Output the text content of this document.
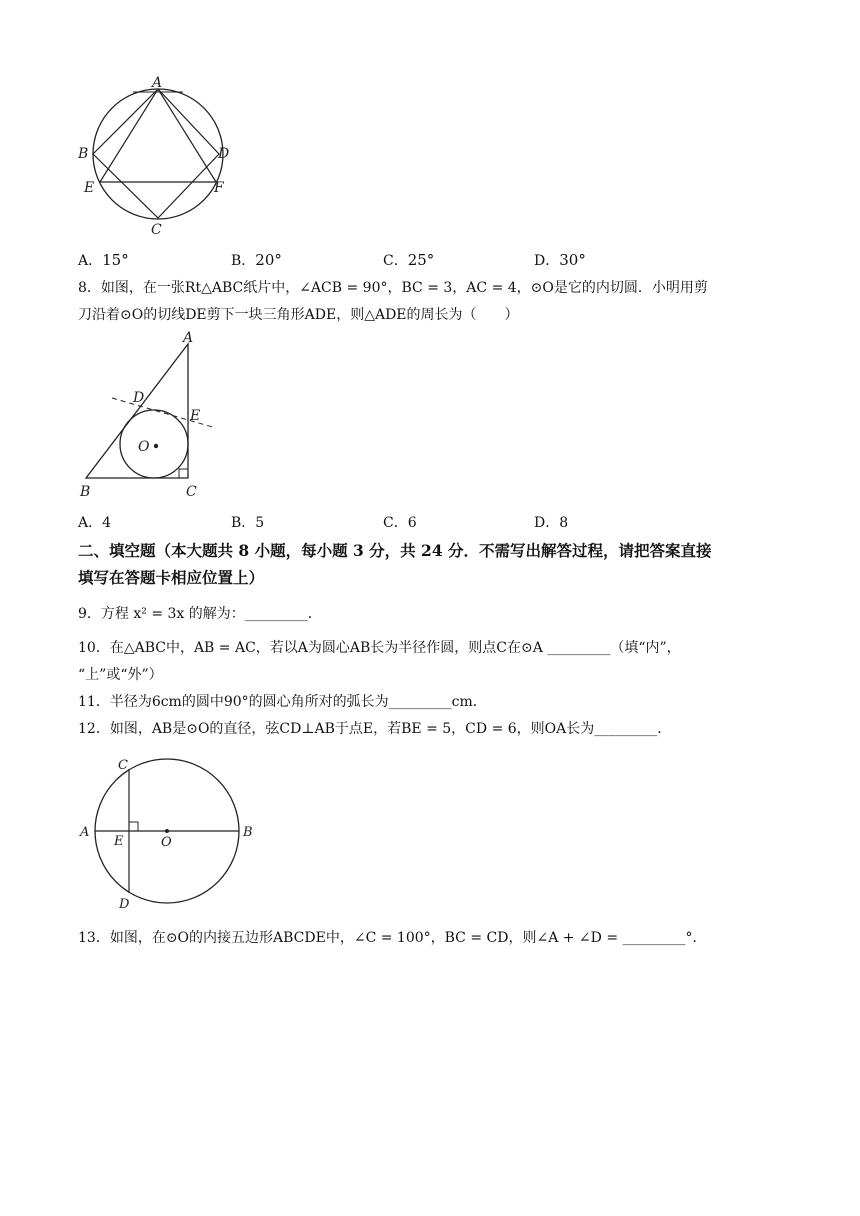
A
B	D
E	F
C
A．15°	B．20°	C．25°	D．30°
8．如图，在一张Rt△ABC纸片中，∠ACB = 90°，BC = 3，AC = 4，⊙O是它的内切圆．小明用剪
刀沿着⊙O的切线DE剪下一块三角形ADE，则△ADE的周长为（　　）
A
D
E
O
B	C
A．4	B．5	C．6	D．8
二、填空题（本大题共 8 小题，每小题 3 分，共 24 分．不需写出解答过程，请把答案直接
填写在答题卡相应位置上）
9．方程 x² = 3x 的解为：_________．
10．在△ABC中，AB = AC，若以A为圆心AB长为半径作圆，则点C在⊙A _________（填“内”，
“上”或“外”）
11．半径为6cm的圆中90°的圆心角所对的弧长为_________cm．
12．如图，AB是⊙O的直径，弦CD⊥AB于点E，若BE = 5，CD = 6，则OA长为_________．
C
A	B
E	O
D
13．如图，在⊙O的内接五边形ABCDE中，∠C = 100°，BC = CD，则∠A + ∠D = _________°．
